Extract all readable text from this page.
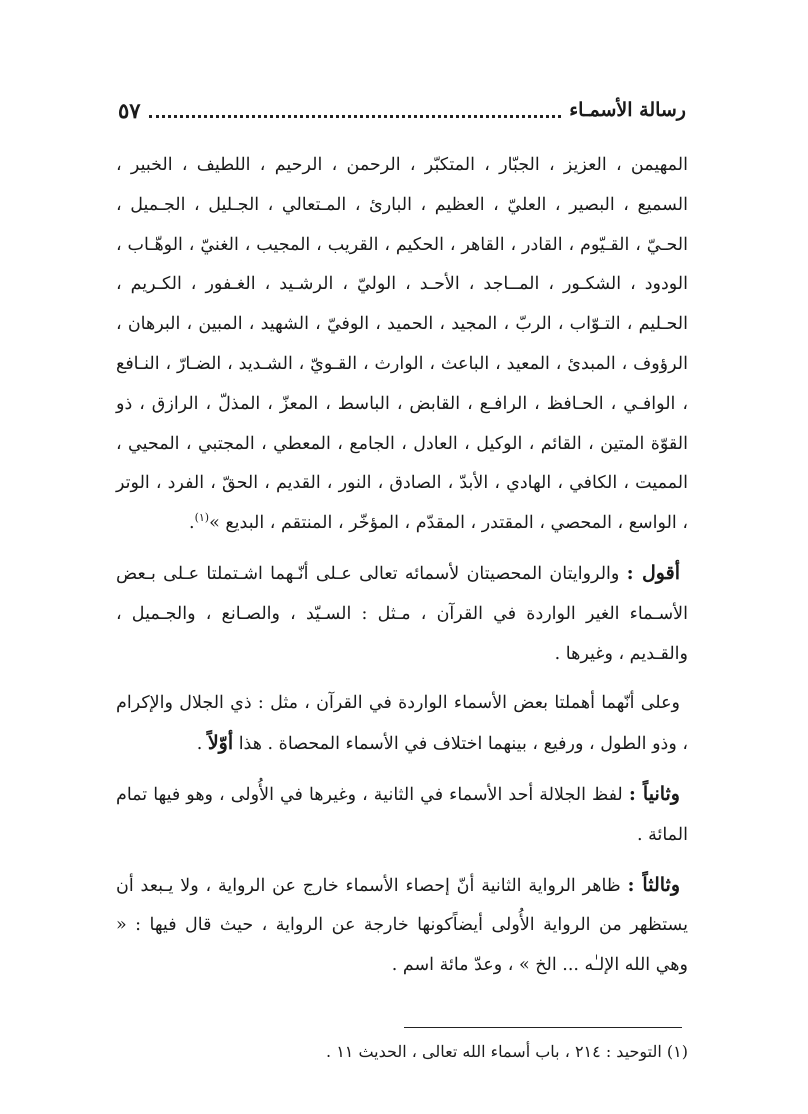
رسالة الأسمـاء
٥٧

المهيمن ، العزيز ، الجبّار ، المتكبّر ، الرحمن ، الرحيم ، اللطيف ، الخبير ، السميع ، البصير ، العليّ ، العظيم ، البارئ ، المـتعالي ، الجـليل ، الجـميل ، الحـيّ ، القـيّوم ، القادر ، القاهر ، الحكيم ، القريب ، المجيب ، الغنيّ ، الوهّـاب ، الودود ، الشكـور ، المــاجد ، الأحـد ، الوليّ ، الرشـيد ، الغـفور ، الكـريم ، الحـليم ، التـوّاب ، الربّ ، المجيد ، الحميد ، الوفيّ ، الشهيد ، المبين ، البرهان ، الرؤوف ، المبدئ ، المعيد ، الباعث ، الوارث ، القـويّ ، الشـديد ، الضـارّ ، النـافع ، الوافـي ، الحـافظ ، الرافـع ، القابض ، الباسط ، المعزّ ، المذلّ ، الرازق ، ذو القوّة المتين ، القائم ، الوكيل ، العادل ، الجامع ، المعطي ، المجتبي ، المحيي ، المميت ، الكافي ، الهادي ، الأبدّ ، الصادق ، النور ، القديم ، الحقّ ، الفرد ، الوتر ، الواسع ، المحصي ، المقتدر ، المقدّم ، المؤخّر ، المنتقم ، البديع »$^{(١)}$.

أقول : والروايتان المحصيتان لأسمائه تعالى عـلى أنّـهما اشـتملتا عـلى بـعض الأسـماء الغير الواردة في القرآن ، مـثل : السـيّد ، والصـانع ، والجـميل ، والقـديم ، وغيرها .

وعلى أنّهما أهملتا بعض الأسماء الواردة في القرآن ، مثل : ذي الجلال والإكرام ، وذو الطول ، ورفيع ، بينهما اختلاف في الأسماء المحصاة . هذا أوّلاً .

وثانياً : لفظ الجلالة أحد الأسماء في الثانية ، وغيرها في الأُولى ، وهو فيها تمام المائة .

وثالثاً : ظاهر الرواية الثانية أنّ إحصاء الأسماء خارج عن الرواية ، ولا يـبعد أن يستظهر من الرواية الأُولى أيضاًكونها خارجة عن الرواية ، حيث قال فيها : « وهي الله الإلـٰه ... الخ » ، وعدّ مائة اسم .

(١) التوحيد : ٢١٤ ، باب أسماء الله تعالى ، الحديث ١١ .
